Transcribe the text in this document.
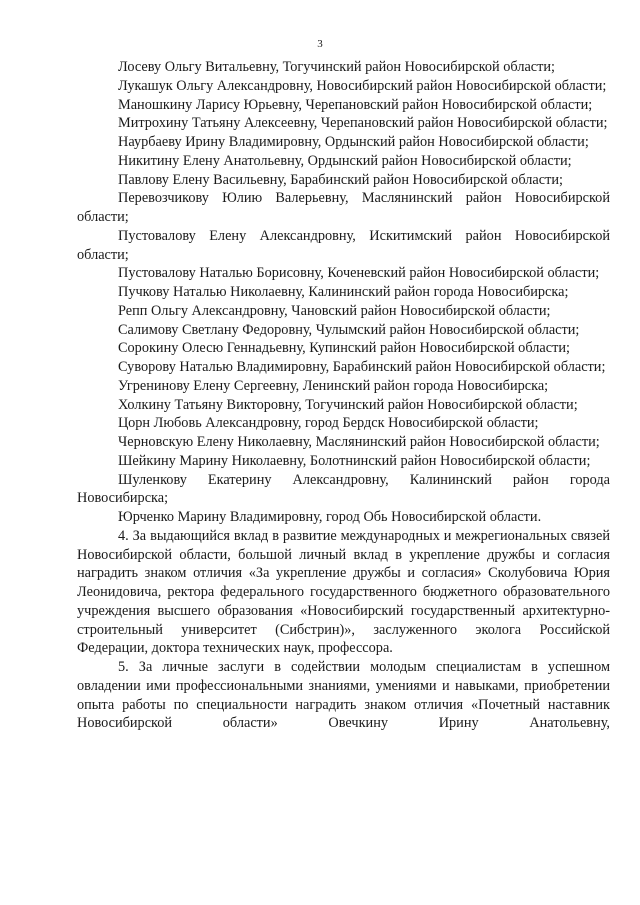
3

Лосеву Ольгу Витальевну, Тогучинский район Новосибирской области;

Лукашук Ольгу Александровну, Новосибирский район Новосибирской области;

Маношкину Ларису Юрьевну, Черепановский район Новосибирской области;

Митрохину Татьяну Алексеевну, Черепановский район Новосибирской области;

Наурбаеву Ирину Владимировну, Ордынский район Новосибирской области;

Никитину Елену Анатольевну, Ордынский район Новосибирской области;

Павлову Елену Васильевну, Барабинский район Новосибирской области;

Перевозчикову Юлию Валерьевну, Маслянинский район Новосибирской области;

Пустовалову Елену Александровну, Искитимский район Новосибирской области;

Пустовалову Наталью Борисовну, Коченевский район Новосибирской области;

Пучкову Наталью Николаевну, Калининский район города Новосибирска;

Репп Ольгу Александровну, Чановский район Новосибирской области;

Салимову Светлану Федоровну, Чулымский район Новосибирской области;

Сорокину Олесю Геннадьевну, Купинский район Новосибирской области;

Суворову Наталью Владимировну, Барабинский район Новосибирской области;

Угренинову Елену Сергеевну, Ленинский район города Новосибирска;

Холкину Татьяну Викторовну, Тогучинский район Новосибирской области;

Цорн Любовь Александровну, город Бердск Новосибирской области;

Черновскую Елену Николаевну, Маслянинский район Новосибирской области;

Шейкину Марину Николаевну, Болотнинский район Новосибирской области;

Шуленкову Екатерину Александровну, Калининский район города Новосибирска;

Юрченко Марину Владимировну, город Обь Новосибирской области.

4. За выдающийся вклад в развитие международных и межрегиональных связей Новосибирской области, большой личный вклад в укрепление дружбы и согласия наградить знаком отличия «За укрепление дружбы и согласия» Сколубовича Юрия Леонидовича, ректора федерального государственного бюджетного образовательного учреждения высшего образования «Новосибирский государственный архитектурно-строительный университет (Сибстрин)», заслуженного эколога Российской Федерации, доктора технических наук, профессора.

5. За личные заслуги в содействии молодым специалистам в успешном овладении ими профессиональными знаниями, умениями и навыками, приобретении опыта работы по специальности наградить знаком отличия «Почетный наставник Новосибирской области» Овечкину Ирину Анатольевну,
